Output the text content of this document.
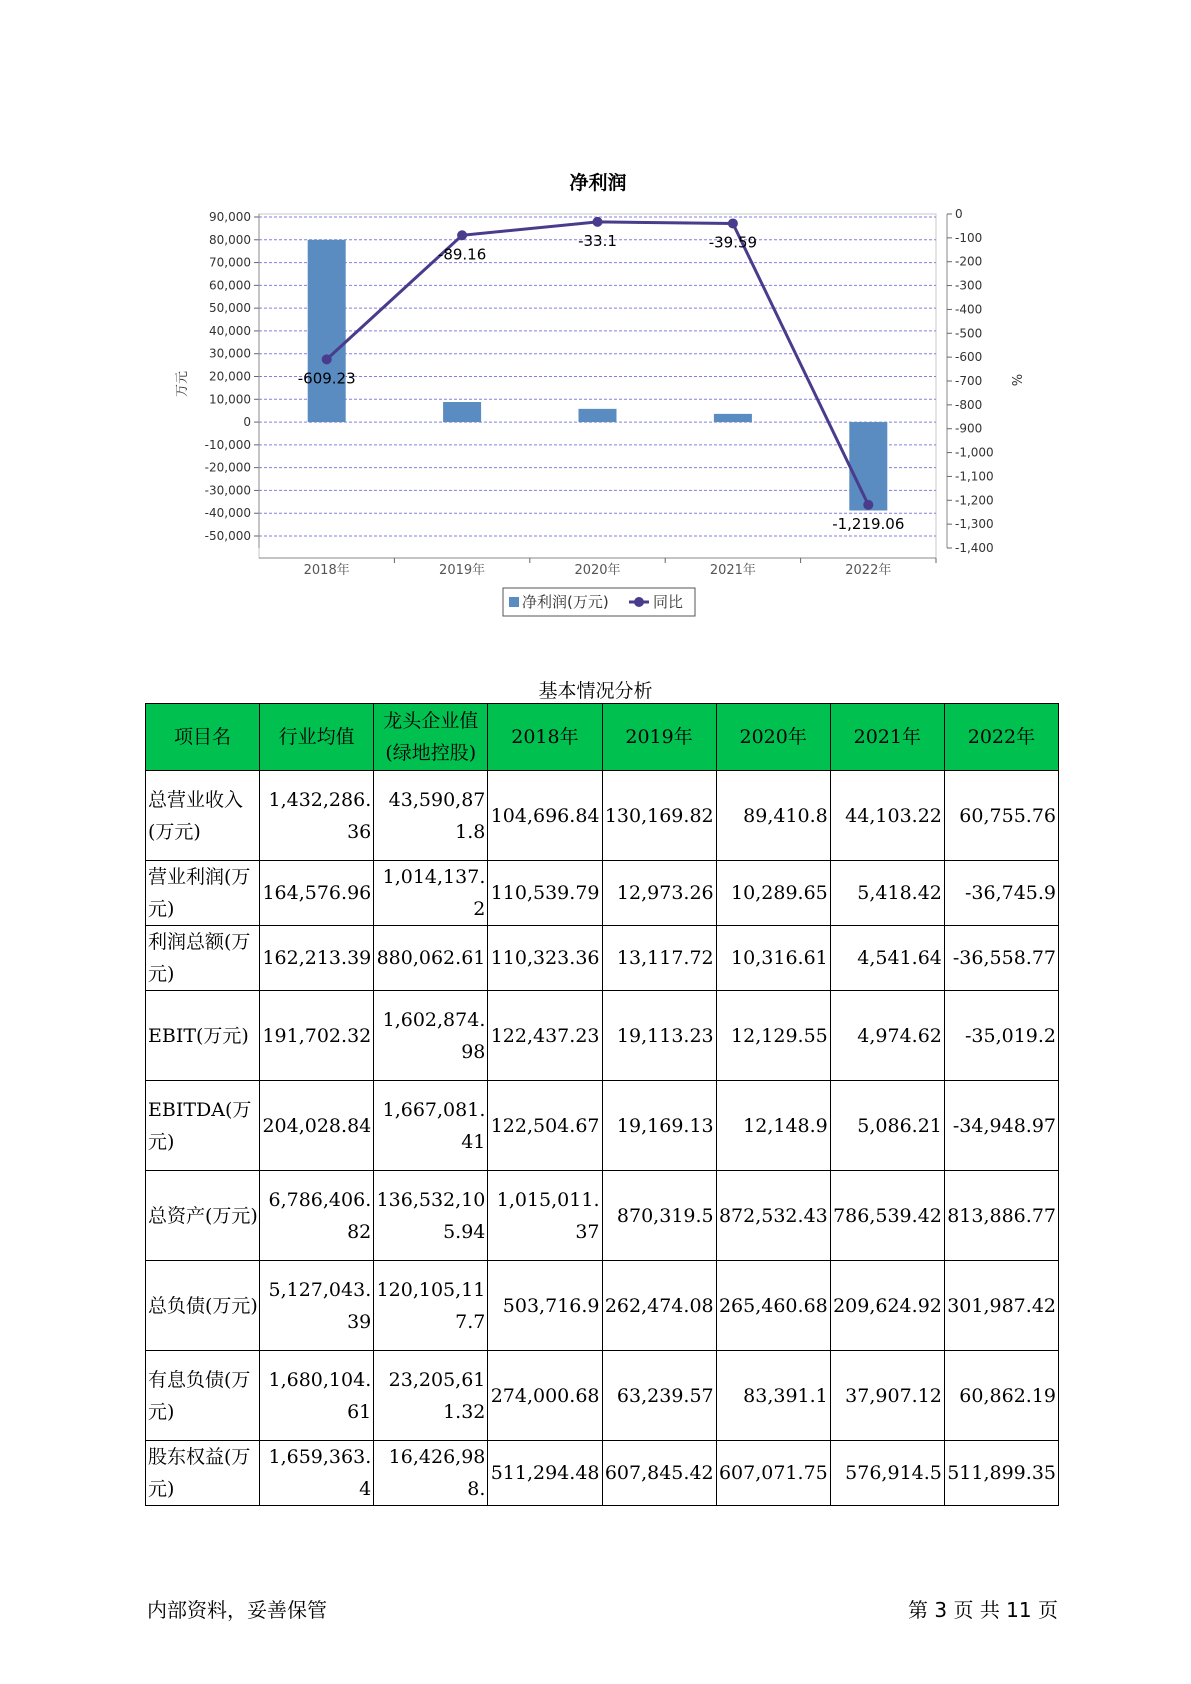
净利润
90,000
80,000
70,000
60,000
50,000
40,000
30,000
20,000
10,000
0
-10,000
-20,000
-30,000
-40,000
-50,000
0
-100
-200
-300
-400
-500
-600
-700
-800
-900
-1,000
-1,100
-1,200
-1,300
-1,400
2018年	2019年	2020年	2021年	2022年
-609.23
-89.16
-33.1	-39.59
-1,219.06
万元	%
净利润(万元)	同比
基本情况分析
项目名	行业均值	龙头企业值(绿地控股)	2018年	2019年	2020年	2021年	2022年
总营业收入(万元)	1,432,286.36	43,590,871.8	104,696.84	130,169.82	89,410.8	44,103.22	60,755.76
营业利润(万元)	164,576.96	1,014,137.2	110,539.79	12,973.26	10,289.65	5,418.42	-36,745.9
利润总额(万元)	162,213.39	880,062.61	110,323.36	13,117.72	10,316.61	4,541.64	-36,558.77
EBIT(万元)	191,702.32	1,602,874.98	122,437.23	19,113.23	12,129.55	4,974.62	-35,019.2
EBITDA(万元)	204,028.84	1,667,081.41	122,504.67	19,169.13	12,148.9	5,086.21	-34,948.97
总资产(万元)	6,786,406.82	136,532,105.94	1,015,011.37	870,319.5	872,532.43	786,539.42	813,886.77
总负债(万元)	5,127,043.39	120,105,117.7	503,716.9	262,474.08	265,460.68	209,624.92	301,987.42
有息负债(万元)	1,680,104.61	23,205,611.32	274,000.68	63,239.57	83,391.1	37,907.12	60,862.19
股东权益(万元)	1,659,363.4	16,426,988.	511,294.48	607,845.42	607,071.75	576,914.5	511,899.35
内部资料，妥善保管	第 3 页 共 11 页
